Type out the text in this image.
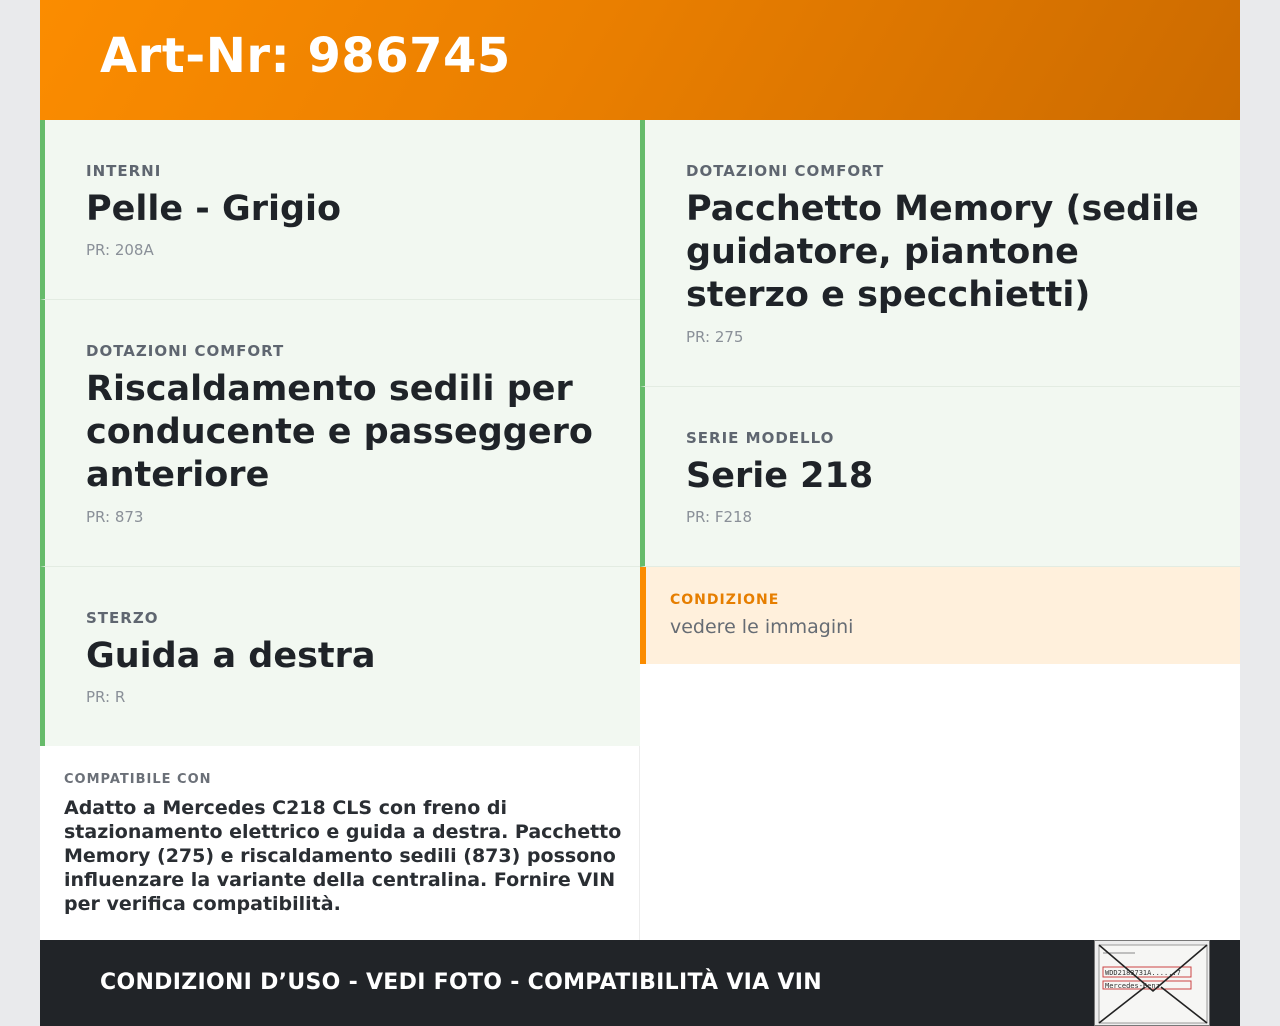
Art-Nr: 986745
INTERNI
Pelle - Grigio
PR: 208A
DOTAZIONI COMFORT
Riscaldamento sedili per conducente e passeggero anteriore
PR: 873
STERZO
Guida a destra
PR: R
DOTAZIONI COMFORT
Pacchetto Memory (sedile guidatore, piantone sterzo e specchietti)
PR: 275
SERIE MODELLO
Serie 218
PR: F218
CONDIZIONE
vedere le immagini
COMPATIBILE CON
Adatto a Mercedes C218 CLS con freno di stazionamento elettrico e guida a destra. Pacchetto Memory (275) e riscaldamento sedili (873) possono influenzare la variante della centralina. Fornire VIN per verifica compatibilità.
CONDIZIONI D’USO - VEDI FOTO - COMPATIBILITÀ VIA VIN	WDD2183731A......7
Mercedes-Benz
